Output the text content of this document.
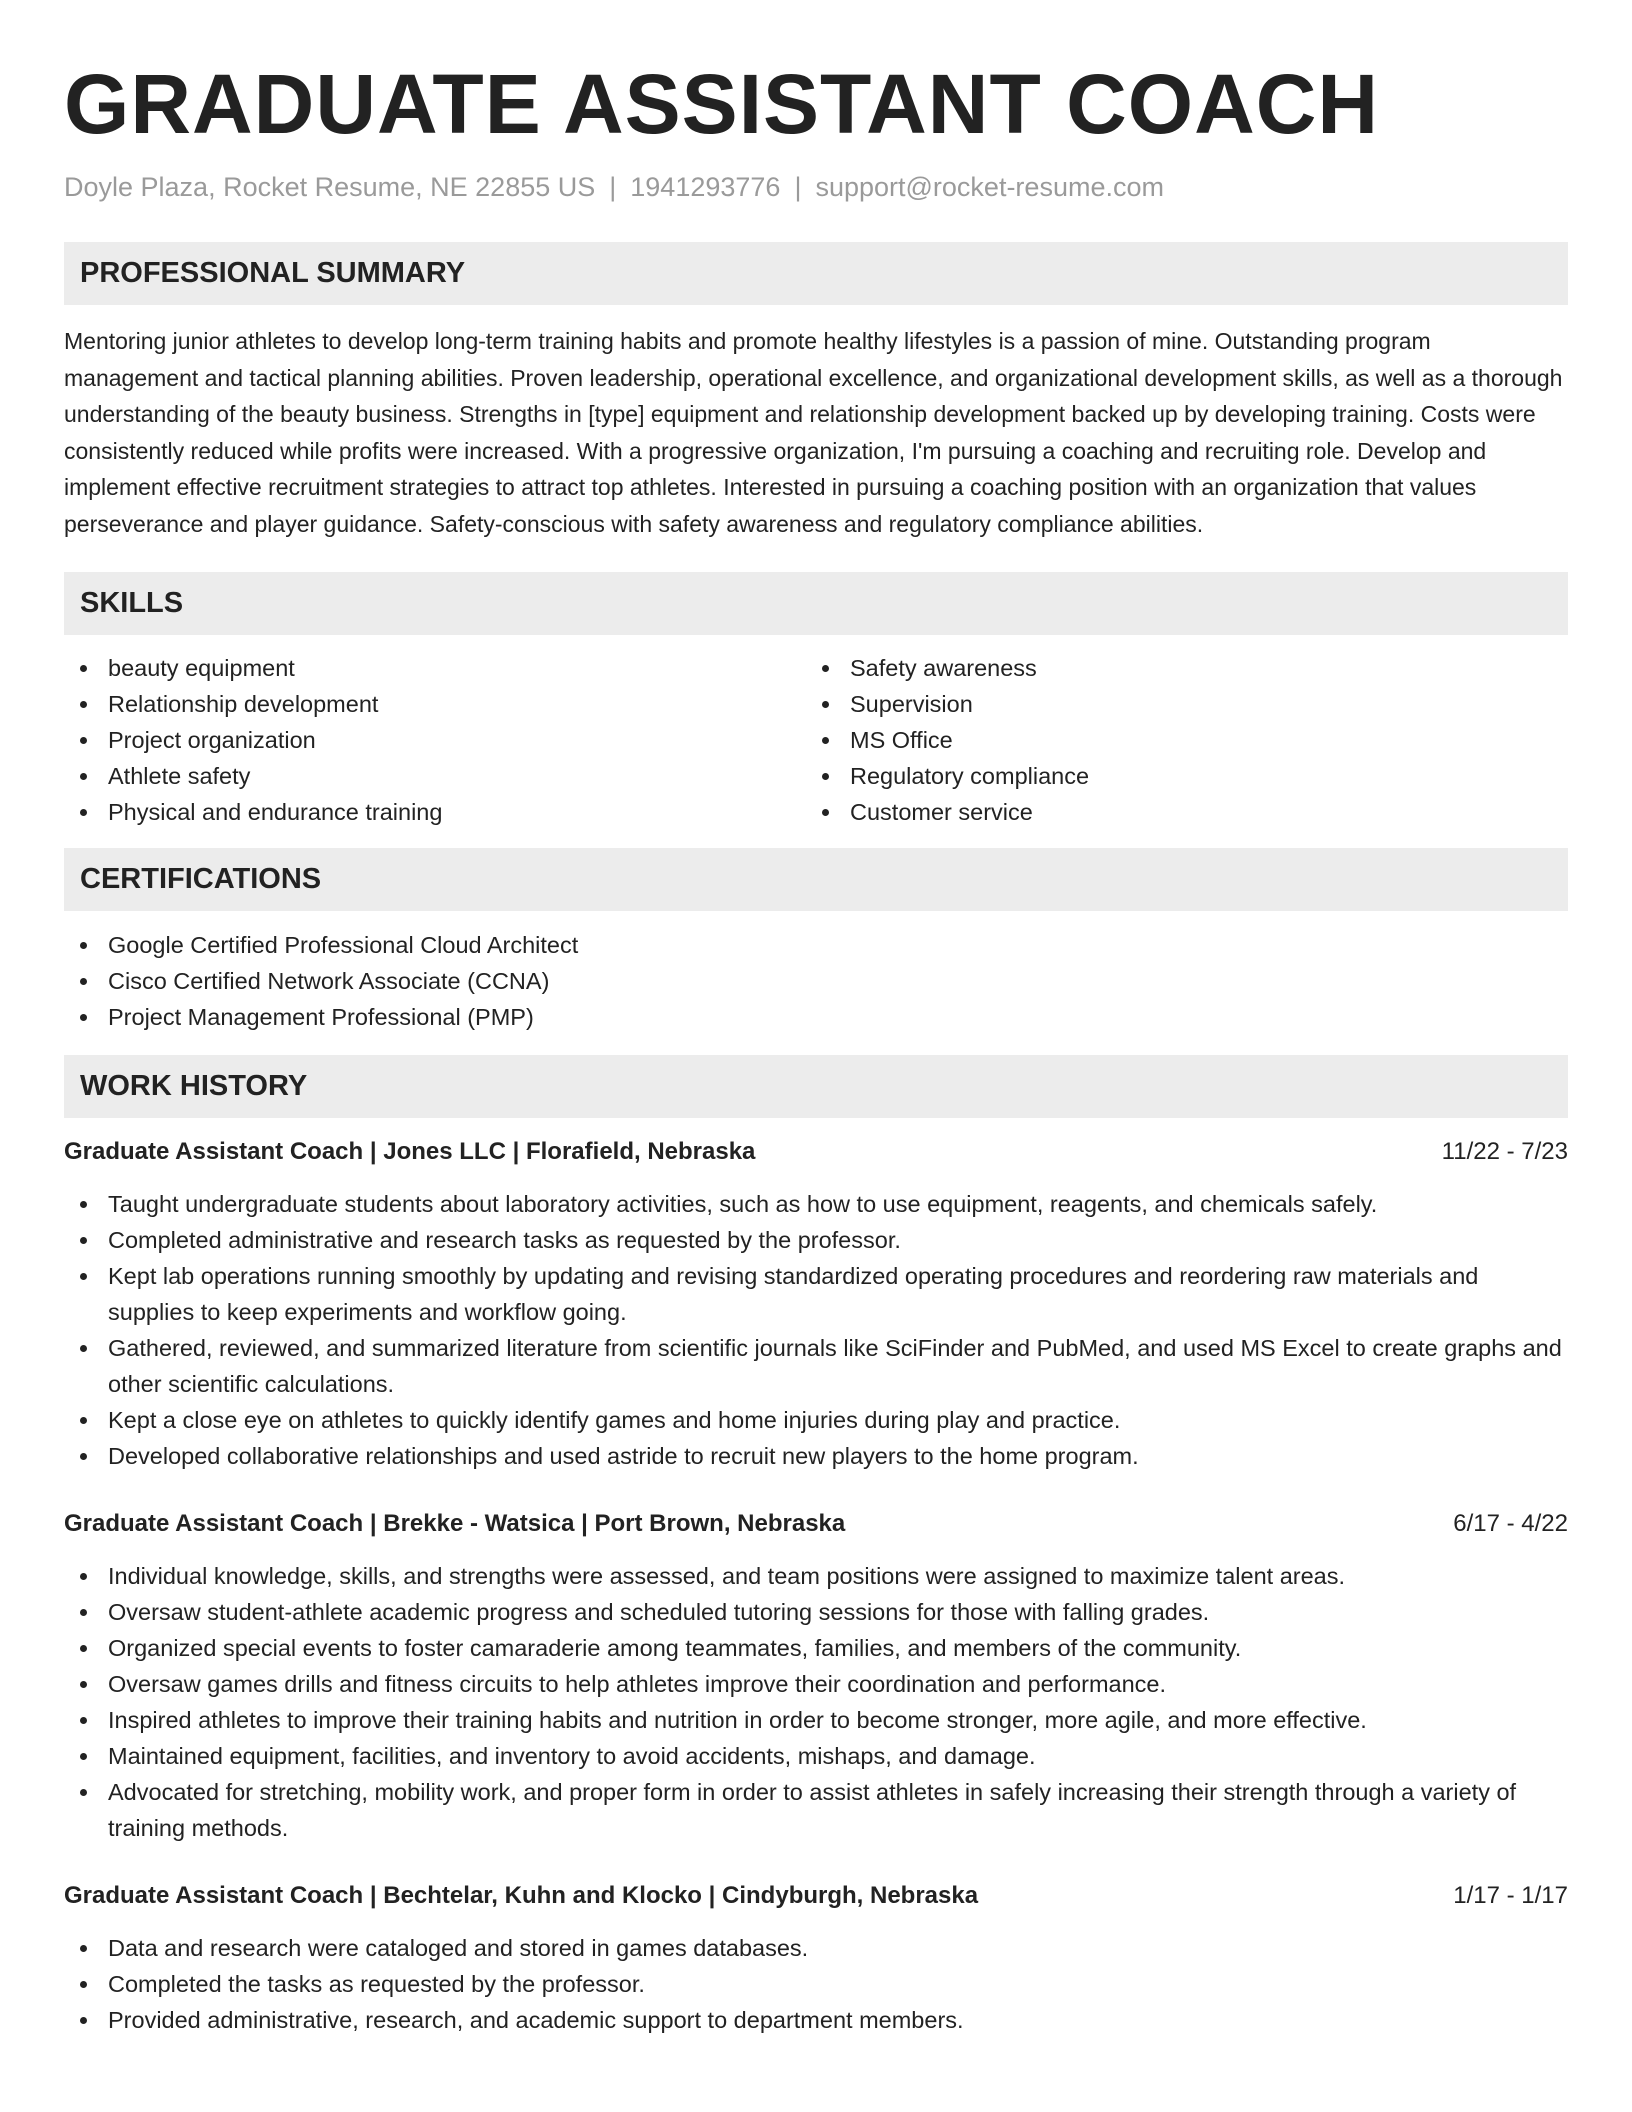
GRADUATE ASSISTANT COACH
Doyle Plaza, Rocket Resume, NE 22855 US | 1941293776 | support@rocket-resume.com
PROFESSIONAL SUMMARY

Mentoring junior athletes to develop long-term training habits and promote healthy lifestyles is a passion of mine. Outstanding program management and tactical planning abilities. Proven leadership, operational excellence, and organizational development skills, as well as a thorough understanding of the beauty business. Strengths in [type] equipment and relationship development backed up by developing training. Costs were consistently reduced while profits were increased. With a progressive organization, I'm pursuing a coaching and recruiting role. Develop and implement effective recruitment strategies to attract top athletes. Interested in pursuing a coaching position with an organization that values perseverance and player guidance. Safety-conscious with safety awareness and regulatory compliance abilities.

SKILLS
beauty equipment
Relationship development
Project organization
Athlete safety
Physical and endurance training
Safety awareness
Supervision
MS Office
Regulatory compliance
Customer service
CERTIFICATIONS
Google Certified Professional Cloud Architect
Cisco Certified Network Associate (CCNA)
Project Management Professional (PMP)
WORK HISTORY
Graduate Assistant Coach | Jones LLC | Florafield, Nebraska	11/22 - 7/23
Taught undergraduate students about laboratory activities, such as how to use equipment, reagents, and chemicals safely.
Completed administrative and research tasks as requested by the professor.
Kept lab operations running smoothly by updating and revising standardized operating procedures and reordering raw materials and supplies to keep experiments and workflow going.
Gathered, reviewed, and summarized literature from scientific journals like SciFinder and PubMed, and used MS Excel to create graphs and other scientific calculations.
Kept a close eye on athletes to quickly identify games and home injuries during play and practice.
Developed collaborative relationships and used astride to recruit new players to the home program.
Graduate Assistant Coach | Brekke - Watsica | Port Brown, Nebraska	6/17 - 4/22
Individual knowledge, skills, and strengths were assessed, and team positions were assigned to maximize talent areas.
Oversaw student-athlete academic progress and scheduled tutoring sessions for those with falling grades.
Organized special events to foster camaraderie among teammates, families, and members of the community.
Oversaw games drills and fitness circuits to help athletes improve their coordination and performance.
Inspired athletes to improve their training habits and nutrition in order to become stronger, more agile, and more effective.
Maintained equipment, facilities, and inventory to avoid accidents, mishaps, and damage.
Advocated for stretching, mobility work, and proper form in order to assist athletes in safely increasing their strength through a variety of training methods.
Graduate Assistant Coach | Bechtelar, Kuhn and Klocko | Cindyburgh, Nebraska	1/17 - 1/17
Data and research were cataloged and stored in games databases.
Completed the tasks as requested by the professor.
Provided administrative, research, and academic support to department members.
